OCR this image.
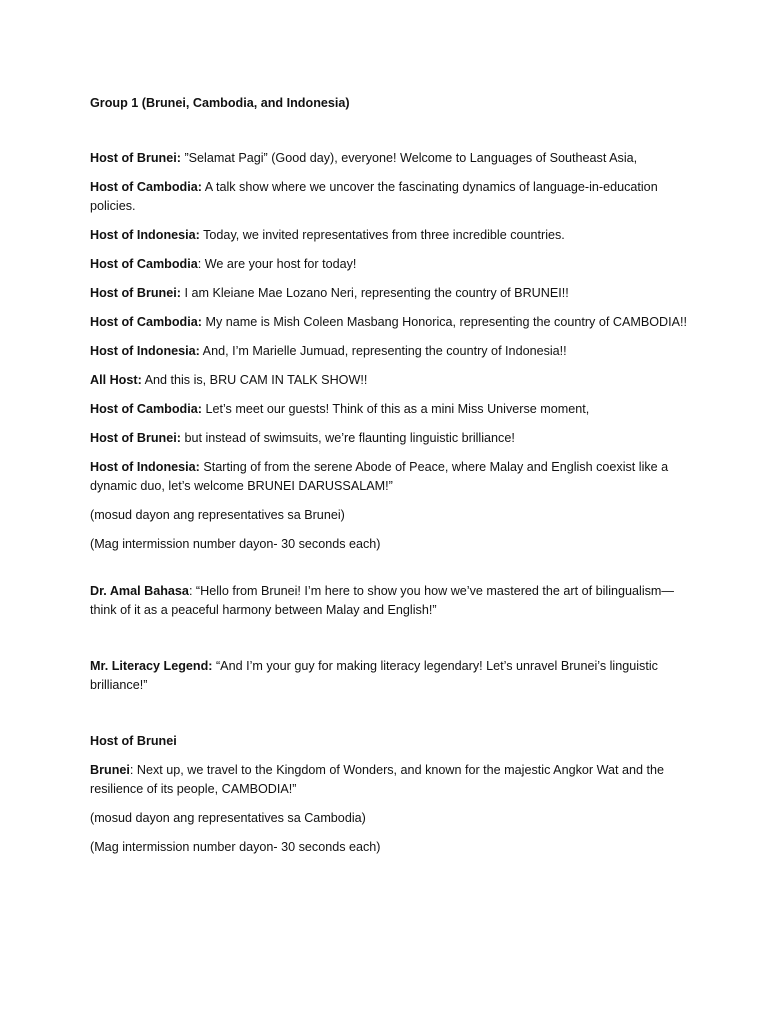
Group 1 (Brunei, Cambodia, and Indonesia)

Host of Brunei: ”Selamat Pagi” (Good day), everyone! Welcome to Languages of Southeast Asia,

Host of Cambodia: A talk show where we uncover the fascinating dynamics of language-in-education policies.

Host of Indonesia: Today, we invited representatives from three incredible countries.

Host of Cambodia: We are your host for today!

Host of Brunei: I am Kleiane Mae Lozano Neri, representing the country of BRUNEI!!

Host of Cambodia: My name is Mish Coleen Masbang Honorica, representing the country of CAMBODIA!!

Host of Indonesia: And, I’m Marielle Jumuad, representing the country of Indonesia!!

All Host: And this is, BRU CAM IN TALK SHOW!!

Host of Cambodia: Let’s meet our guests! Think of this as a mini Miss Universe moment,

Host of Brunei: but instead of swimsuits, we’re flaunting linguistic brilliance!

Host of Indonesia: Starting of from the serene Abode of Peace, where Malay and English coexist like a dynamic duo, let’s welcome BRUNEI DARUSSALAM!”

(mosud dayon ang representatives sa Brunei)

(Mag intermission number dayon- 30 seconds each)

Dr. Amal Bahasa: “Hello from Brunei! I’m here to show you how we’ve mastered the art of bilingualism—think of it as a peaceful harmony between Malay and English!”

Mr. Literacy Legend: “And I’m your guy for making literacy legendary! Let’s unravel Brunei’s linguistic brilliance!”

Host of Brunei

Brunei: Next up, we travel to the Kingdom of Wonders, and known for the majestic Angkor Wat and the resilience of its people, CAMBODIA!”

(mosud dayon ang representatives sa Cambodia)

(Mag intermission number dayon- 30 seconds each)
